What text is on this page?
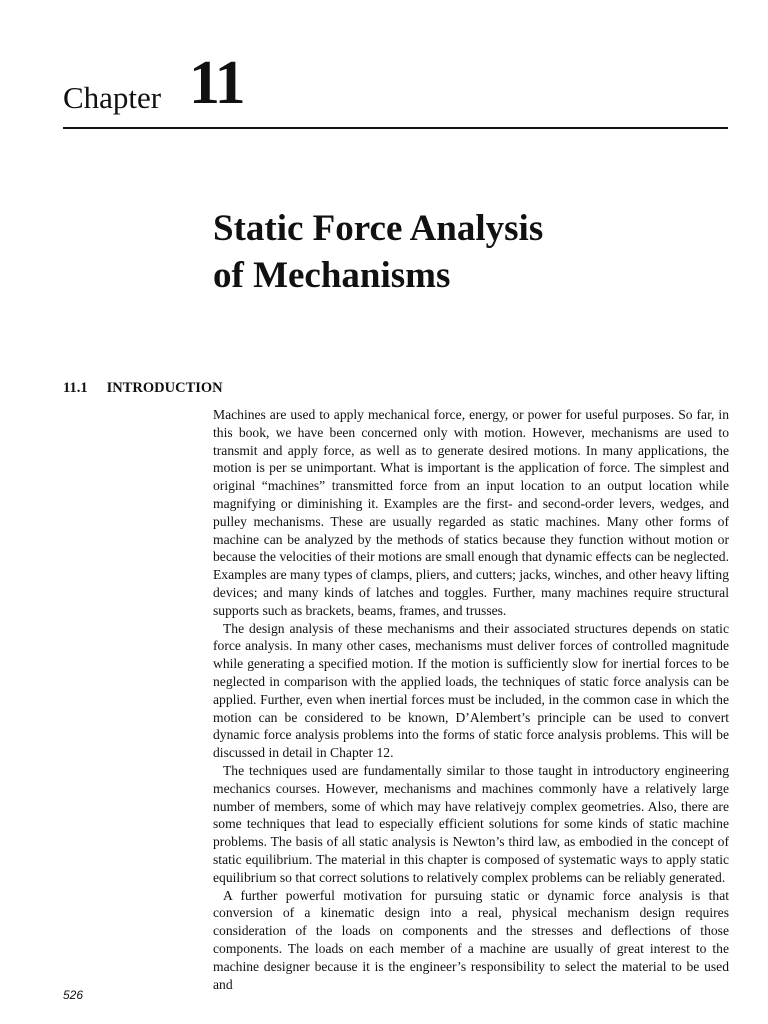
Chapter 11
Static Force Analysis
of Mechanisms
11.1 INTRODUCTION

Machines are used to apply mechanical force, energy, or power for useful purposes. So far, in this book, we have been concerned only with motion. However, mechanisms are used to transmit and apply force, as well as to generate desired motions. In many applications, the motion is per se unimportant. What is important is the application of force. The simplest and original “machines” transmitted force from an input location to an output location while magnifying or diminishing it. Examples are the first- and second-order levers, wedges, and pulley mechanisms. These are usually regarded as static machines. Many other forms of machine can be analyzed by the methods of statics because they function without motion or because the velocities of their motions are small enough that dynamic effects can be neglected. Examples are many types of clamps, pliers, and cutters; jacks, winches, and other heavy lifting devices; and many kinds of latches and toggles. Further, many machines require structural supports such as brackets, beams, frames, and trusses.

The design analysis of these mechanisms and their associated structures depends on static force analysis. In many other cases, mechanisms must deliver forces of controlled magnitude while generating a specified motion. If the motion is sufficiently slow for inertial forces to be neglected in comparison with the applied loads, the techniques of static force analysis can be applied. Further, even when inertial forces must be included, in the common case in which the motion can be considered to be known, D’Alembert’s principle can be used to convert dynamic force analysis problems into the forms of static force analysis problems. This will be discussed in detail in Chapter 12.

The techniques used are fundamentally similar to those taught in introductory engineering mechanics courses. However, mechanisms and machines commonly have a relatively large number of members, some of which may have relativejy complex geometries. Also, there are some techniques that lead to especially efficient solutions for some kinds of static machine problems. The basis of all static analysis is Newton’s third law, as embodied in the concept of static equilibrium. The material in this chapter is composed of systematic ways to apply static equilibrium so that correct solutions to relatively complex problems can be reliably generated.

A further powerful motivation for pursuing static or dynamic force analysis is that conversion of a kinematic design into a real, physical mechanism design requires consideration of the loads on components and the stresses and deflections of those components. The loads on each member of a machine are usually of great interest to the machine designer because it is the engineer’s responsibility to select the material to be used and

526
